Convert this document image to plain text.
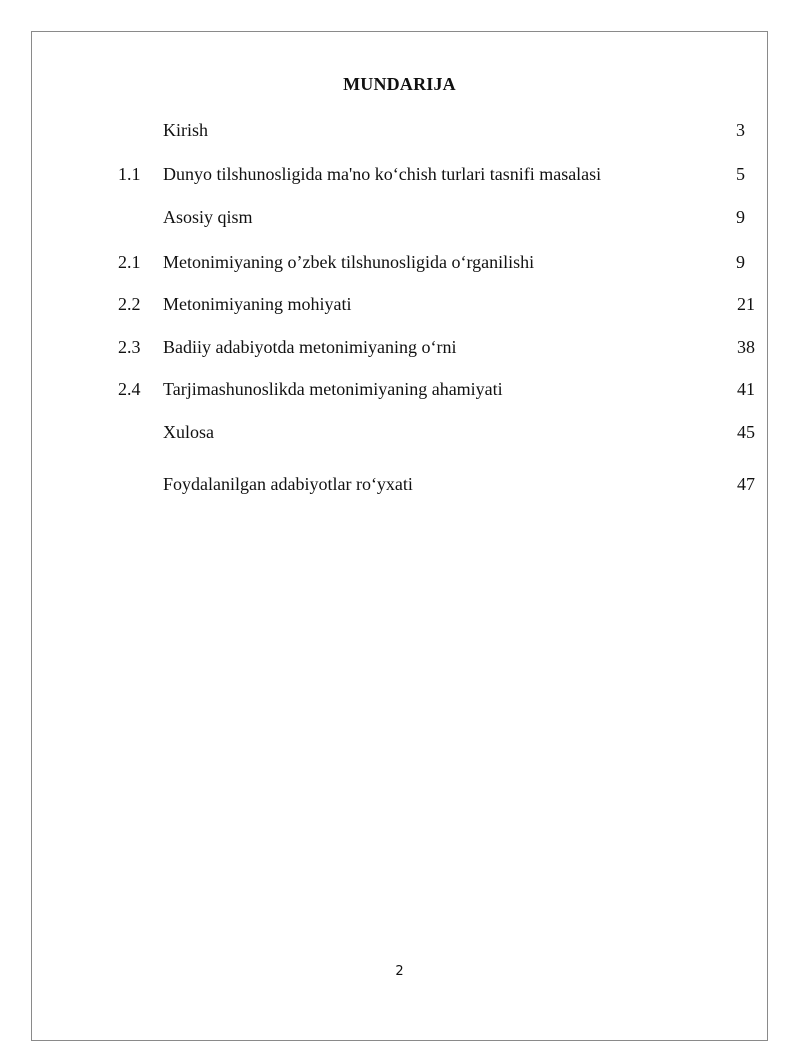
MUNDARIJA
Kirish	3
1.1 Dunyo tilshunosligida ma'no ko‘chish turlari tasnifi masalasi	5
Asosiy qism	9
2.1 Metonimiyaning o’zbek tilshunosligida o‘rganilishi	9
2.2 Metonimiyaning mohiyati	21
2.3 Badiiy adabiyotda metonimiyaning o‘rni	38
2.4 Tarjimashunoslikda metonimiyaning ahamiyati	41
Xulosa	45
Foydalanilgan adabiyotlar ro‘yxati	47
2
